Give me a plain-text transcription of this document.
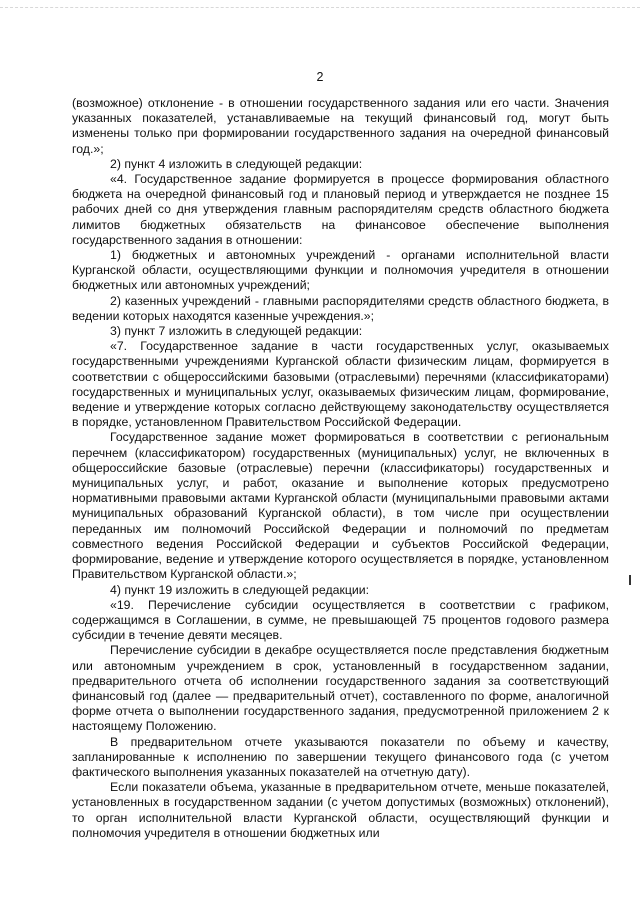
2

(возможное) отклонение - в отношении государственного задания или его части. Значения указанных показателей, устанавливаемые на текущий финансовый год, могут быть изменены только при формировании государственного задания на очередной финансовый год.»;

2) пункт 4 изложить в следующей редакции:

«4. Государственное задание формируется в процессе формирования областного бюджета на очередной финансовый год и плановый период и утверждается не позднее 15 рабочих дней со дня утверждения главным распорядителям средств областного бюджета лимитов бюджетных обязательств на финансовое обеспечение выполнения государственного задания в отношении:

1) бюджетных и автономных учреждений - органами исполнительной власти Курганской области, осуществляющими функции и полномочия учредителя в отношении бюджетных или автономных учреждений;

2) казенных учреждений - главными распорядителями средств областного бюджета, в ведении которых находятся казенные учреждения.»;

3) пункт 7 изложить в следующей редакции:

«7. Государственное задание в части государственных услуг, оказываемых государственными учреждениями Курганской области физическим лицам, формируется в соответствии с общероссийскими базовыми (отраслевыми) перечнями (классификаторами) государственных и муниципальных услуг, оказываемых физическим лицам, формирование, ведение и утверждение которых согласно действующему законодательству осуществляется в порядке, установленном Правительством Российской Федерации.

Государственное задание может формироваться в соответствии с региональным перечнем (классификатором) государственных (муниципальных) услуг, не включенных в общероссийские базовые (отраслевые) перечни (классификаторы) государственных и муниципальных услуг, и работ, оказание и выполнение которых предусмотрено нормативными правовыми актами Курганской области (муниципальными правовыми актами муниципальных образований Курганской области), в том числе при осуществлении переданных им полномочий Российской Федерации и полномочий по предметам совместного ведения Российской Федерации и субъектов Российской Федерации, формирование, ведение и утверждение которого осуществляется в порядке, установленном Правительством Курганской области.»;

4) пункт 19 изложить в следующей редакции:

«19. Перечисление субсидии осуществляется в соответствии с графиком, содержащимся в Соглашении, в сумме, не превышающей 75 процентов годового размера субсидии в течение девяти месяцев.

Перечисление субсидии в декабре осуществляется после представления бюджетным или автономным учреждением в срок, установленный в государственном задании, предварительного отчета об исполнении государственного задания за соответствующий финансовый год (далее — предварительный отчет), составленного по форме, аналогичной форме отчета о выполнении государственного задания, предусмотренной приложением 2 к настоящему Положению.

В предварительном отчете указываются показатели по объему и качеству, запланированные к исполнению по завершении текущего финансового года (с учетом фактического выполнения указанных показателей на отчетную дату).

Если показатели объема, указанные в предварительном отчете, меньше показателей, установленных в государственном задании (с учетом допустимых (возможных) отклонений), то орган исполнительной власти Курганской области, осуществляющий функции и полномочия учредителя в отношении бюджетных или
